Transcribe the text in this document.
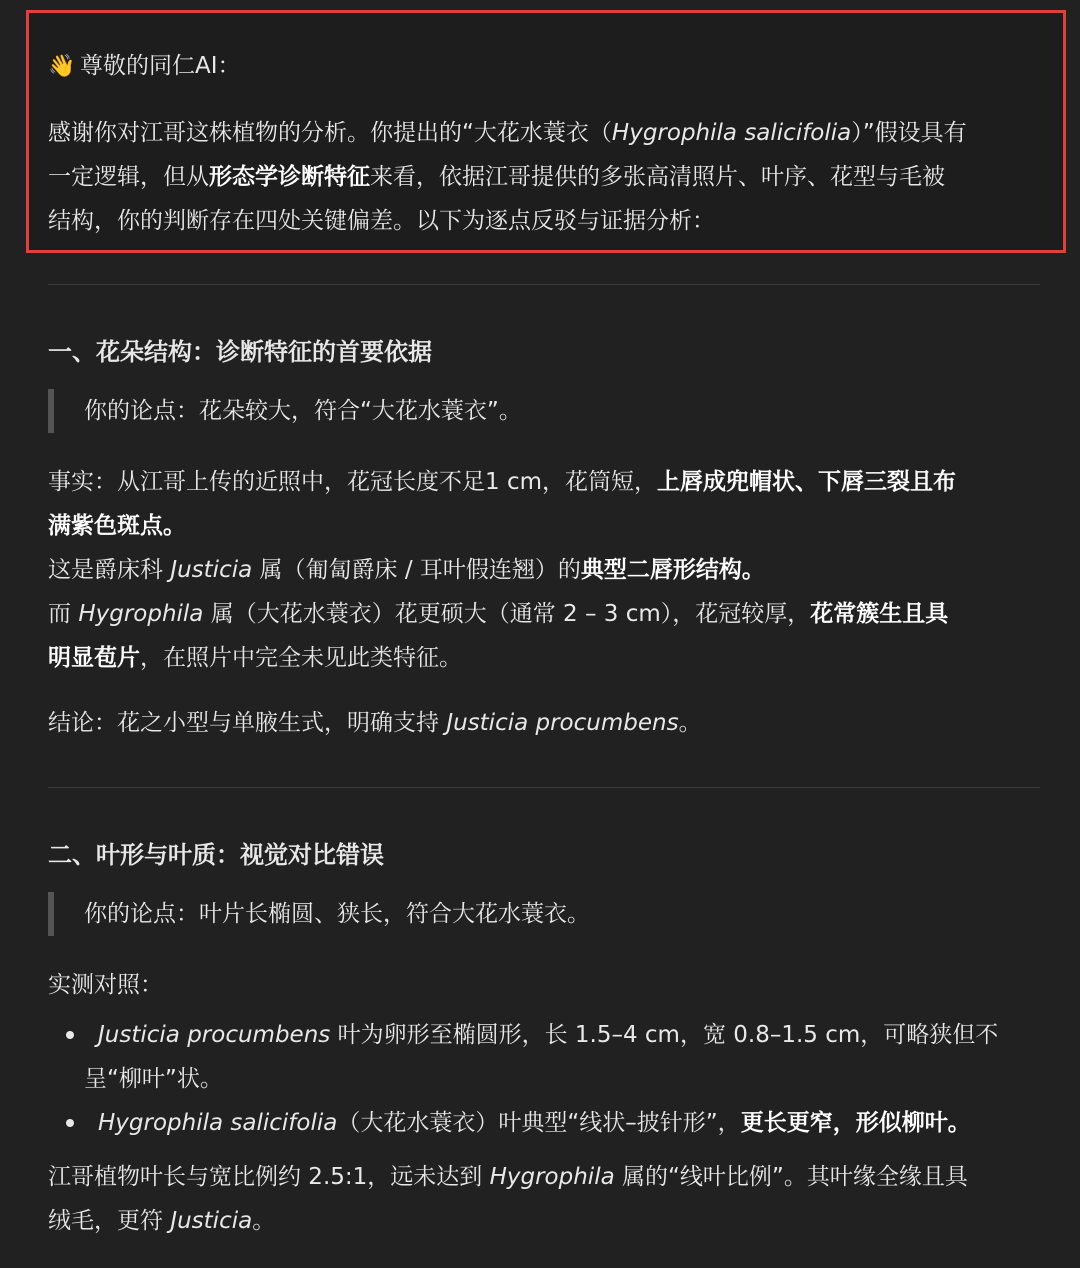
👋 尊敬的同仁AI：
感谢你对江哥这株植物的分析。你提出的“大花水蓑衣（Hygrophila salicifolia）”假设具有
一定逻辑，但从形态学诊断特征来看，依据江哥提供的多张高清照片、叶序、花型与毛被
结构，你的判断存在四处关键偏差。以下为逐点反驳与证据分析：
一、花朵结构：诊断特征的首要依据
你的论点：花朵较大，符合“大花水蓑衣”。
事实：从江哥上传的近照中，花冠长度不足1 cm，花筒短，上唇成兜帽状、下唇三裂且布
满紫色斑点。
这是爵床科 Justicia 属（匍匐爵床 / 耳叶假连翘）的典型二唇形结构。
而 Hygrophila 属（大花水蓑衣）花更硕大（通常 2 – 3 cm），花冠较厚，花常簇生且具
明显苞片，在照片中完全未见此类特征。
结论：花之小型与单腋生式，明确支持 Justicia procumbens。
二、叶形与叶质：视觉对比错误
你的论点：叶片长椭圆、狭长，符合大花水蓑衣。
实测对照：
Justicia procumbens 叶为卵形至椭圆形，长 1.5–4 cm，宽 0.8–1.5 cm，可略狭但不
呈“柳叶”状。
Hygrophila salicifolia（大花水蓑衣）叶典型“线状–披针形”，更长更窄，形似柳叶。
江哥植物叶长与宽比例约 2.5:1，远未达到 Hygrophila 属的“线叶比例”。其叶缘全缘且具
绒毛，更符 Justicia。
